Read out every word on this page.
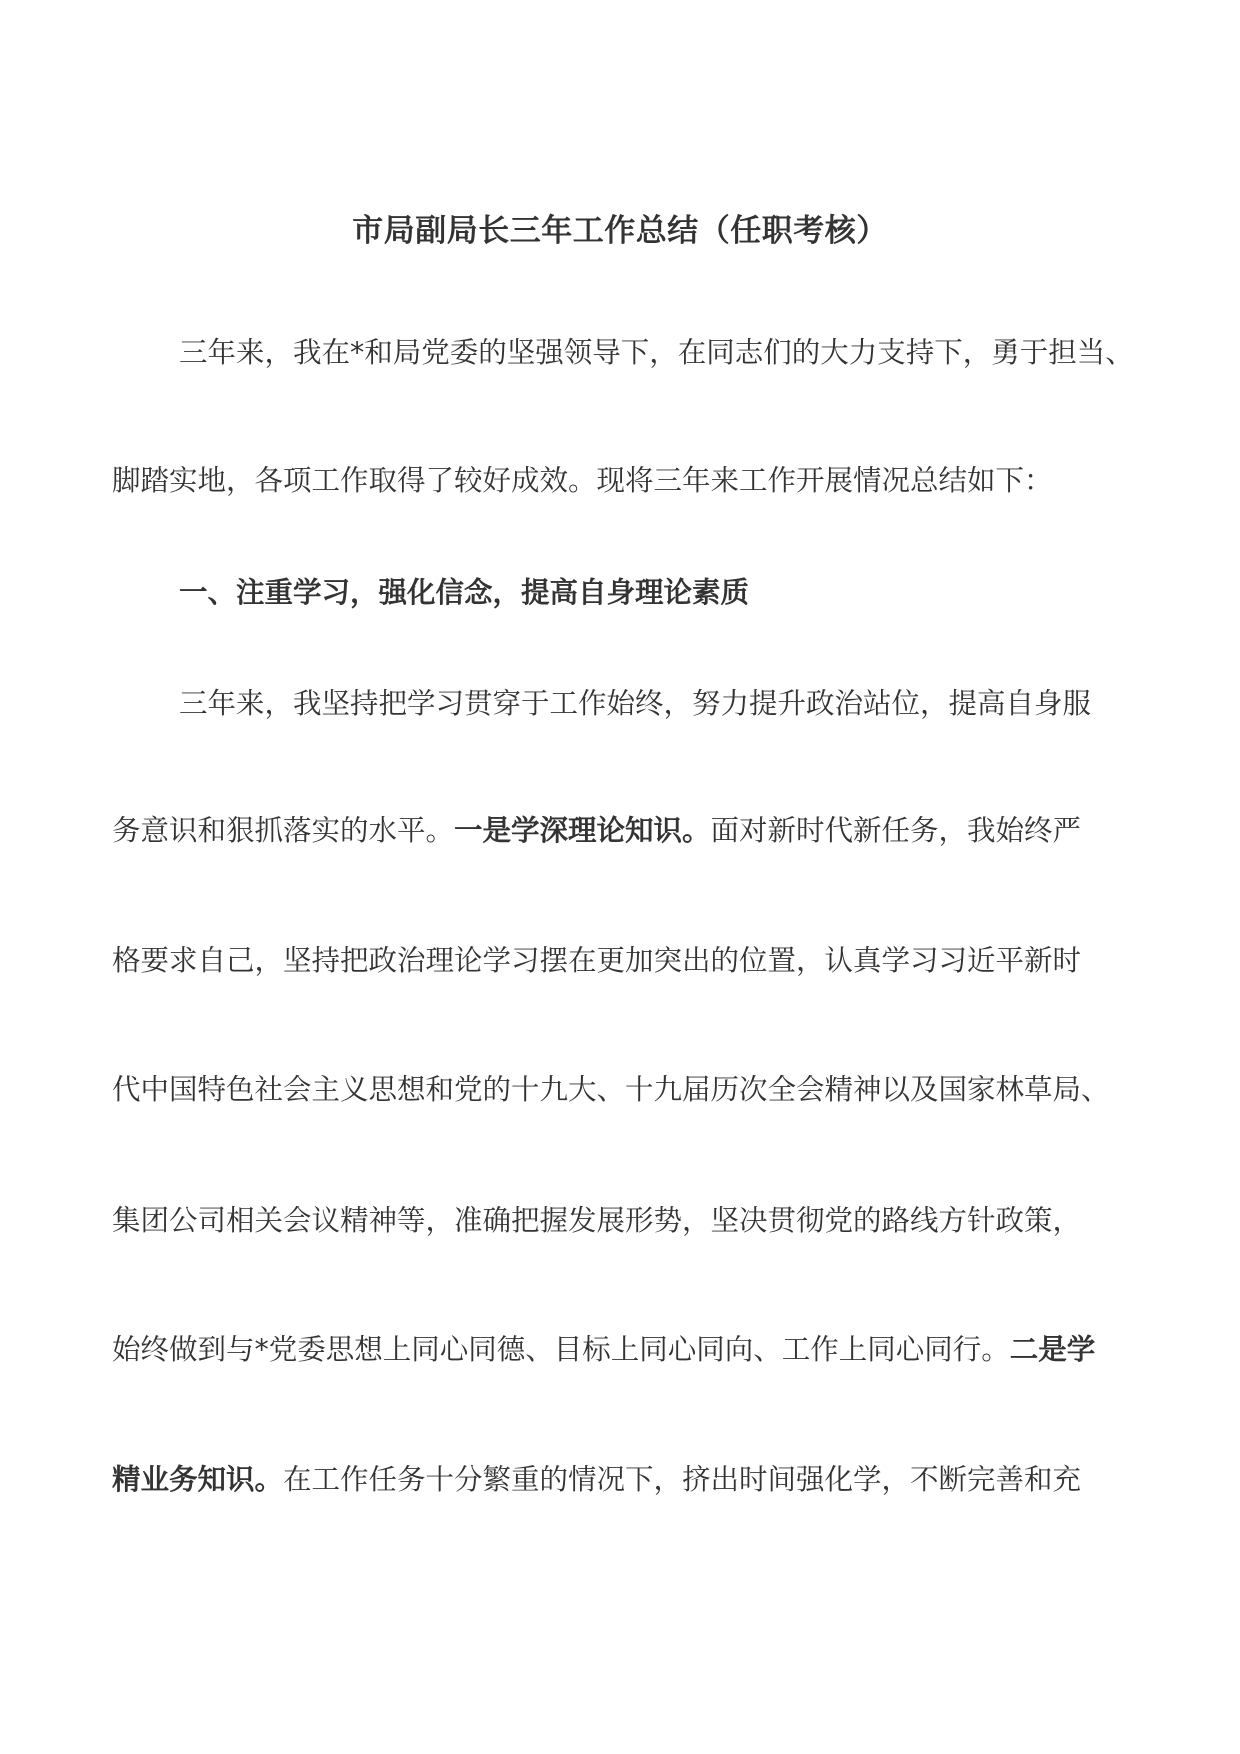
市局副局长三年工作总结（任职考核）
三年来，我在*和局党委的坚强领导下，在同志们的大力支持下，勇于担当、
脚踏实地，各项工作取得了较好成效。现将三年来工作开展情况总结如下：
一、注重学习，强化信念，提高自身理论素质
三年来，我坚持把学习贯穿于工作始终，努力提升政治站位，提高自身服
务意识和狠抓落实的水平。一是学深理论知识。面对新时代新任务，我始终严
格要求自己，坚持把政治理论学习摆在更加突出的位置，认真学习习近平新时
代中国特色社会主义思想和党的十九大、十九届历次全会精神以及国家林草局、
集团公司相关会议精神等，准确把握发展形势，坚决贯彻党的路线方针政策，
始终做到与*党委思想上同心同德、目标上同心同向、工作上同心同行。二是学
精业务知识。在工作任务十分繁重的情况下，挤出时间强化学，不断完善和充
